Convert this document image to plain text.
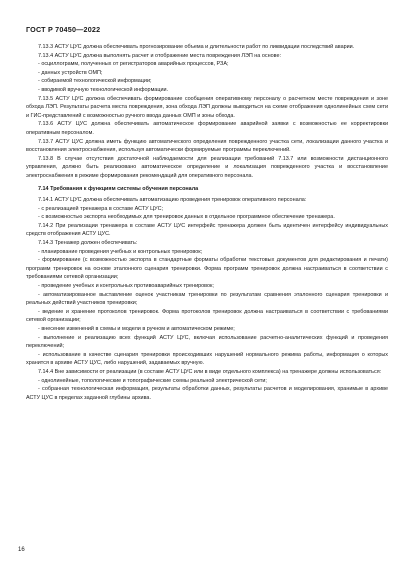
ГОСТ Р 70450—2022

7.13.3 АСТУ ЦУС должна обеспечивать прогнозирование объема и длительности работ по ликвидации последствий аварии.

7.13.4 АСТУ ЦУС должна выполнять расчет и отображение места повреждения ЛЭП на основе:

- осциллограмм, полученных от регистраторов аварийных процессов, РЗА;

- данных устройств ОМП;

- собираемой технологической информации;

- вводимой вручную технологической информации.

7.13.5 АСТУ ЦУС должна обеспечивать формирование сообщения оперативному персоналу о расчетном месте повреждения и зоне обхода ЛЭП. Результаты расчета места повреждения, зона обхода ЛЭП должны выводиться на схеме отображения однолинейных схем сети и ГИС-представлений с возможностью ручного ввода данных ОМП и зоны обхода.

7.13.6 АСТУ ЦУС должна обеспечивать автоматическое формирование аварийной заявки с возможностью ее корректировки оперативным персоналом.

7.13.7 АСТУ ЦУС должна иметь функцию автоматического определения поврежденного участка сети, локализации данного участка и восстановления электроснабжения, используя автоматически формируемые программы переключений.

7.13.8 В случае отсутствия достаточной наблюдаемости для реализации требований 7.13.7 или возможности дистанционного управления, должно быть реализовано автоматическое определение и локализация поврежденного участка и восстановление электроснабжения в режиме формирования рекомендаций для оперативного персонала.

7.14 Требования к функциям системы обучения персонала

7.14.1 АСТУ ЦУС должна обеспечивать автоматизацию проведения тренировок оперативного персонала:

- с реализацией тренажера в составе АСТУ ЦУС;

- с возможностью экспорта необходимых для тренировок данных в отдельное программное обеспечение тренажера.

7.14.2 При реализации тренажера в составе АСТУ ЦУС интерфейс тренажера должен быть идентичен интерфейсу индивидуальных средств отображения АСТУ ЦУС.

7.14.3 Тренажер должен обеспечивать:

- планирование проведения учебных и контрольных тренировок;

- формирование (с возможностью экспорта в стандартные форматы обработки текстовых документов для редактирования и печати) программ тренировок на основе эталонного сценария тренировки. Форма программ тренировок должна настраиваться в соответствии с требованиями сетевой организации;

- проведение учебных и контрольных противоаварийных тренировок;

- автоматизированное выставление оценок участникам тренировки по результатам сравнения эталонного сценария тренировки и реальных действий участников тренировки;

- ведение и хранение протоколов тренировок. Форма протоколов тренировок должна настраиваться в соответствии с требованиями сетевой организации;

- внесение изменений в схемы и модели в ручном и автоматическом режиме;

- выполнение и реализацию всех функций АСТУ ЦУС, включая использование расчетно-аналитических функций и проведения переключений;

- использование в качестве сценария тренировки происходивших нарушений нормального режима работы, информация о которых хранится в архиве АСТУ ЦУС, либо нарушений, задаваемых вручную.

7.14.4 Вне зависимости от реализации (в составе АСТУ ЦУС или в виде отдельного комплекса) на тренажере должны использоваться:

- однолинейные, топологические и топографические схемы реальной электрической сети;

- собранная технологическая информация, результаты обработки данных, результаты расчетов и моделирования, хранимые в архиве АСТУ ЦУС в пределах заданной глубины архива.

16
